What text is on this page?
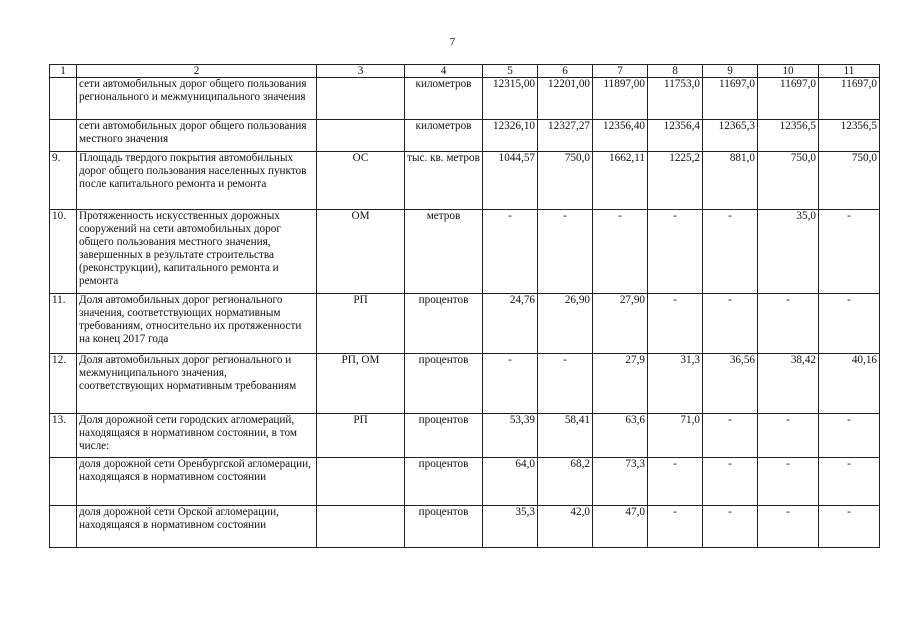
7
1	2	3	4	5	6	7	8	9	10	11
	сети автомобильных дорог общего пользования регионального и межмуниципального значения		километров	12315,00	12201,00	11897,00	11753,0	11697,0	11697,0	11697,0
	сети автомобильных дорог общего пользования местного значения		километров	12326,10	12327,27	12356,40	12356,4	12365,3	12356,5	12356,5
9.	Площадь твердого покрытия автомобильных дорог общего пользования населенных пунктов после капитального ремонта и ремонта	ОС	тыс. кв. метров	1044,57	750,0	1662,11	1225,2	881,0	750,0	750,0
10.	Протяженность искусственных дорожных сооружений на сети автомобильных дорог общего пользования местного значения, завершенных в результате строительства (реконструкции), капитального ремонта и ремонта	ОМ	метров	-	-	-	-	-	35,0	-
11.	Доля автомобильных дорог регионального значения, соответствующих нормативным требованиям, относительно их протяженности на конец 2017 года	РП	процентов	24,76	26,90	27,90	-	-	-	-
12.	Доля автомобильных дорог регионального и межмуниципального значения, соответствующих нормативным требованиям	РП, ОМ	процентов	-	-	27,9	31,3	36,56	38,42	40,16
13.	Доля дорожной сети городских агломераций, находящаяся в нормативном состоянии, в том числе:	РП	процентов	53,39	58,41	63,6	71,0	-	-	-
	доля дорожной сети Оренбургской агломерации, находящаяся в нормативном состоянии		процентов	64,0	68,2	73,3	-	-	-	-
	доля дорожной сети Орской агломерации, находящаяся в нормативном состоянии		процентов	35,3	42,0	47,0	-	-	-	-
